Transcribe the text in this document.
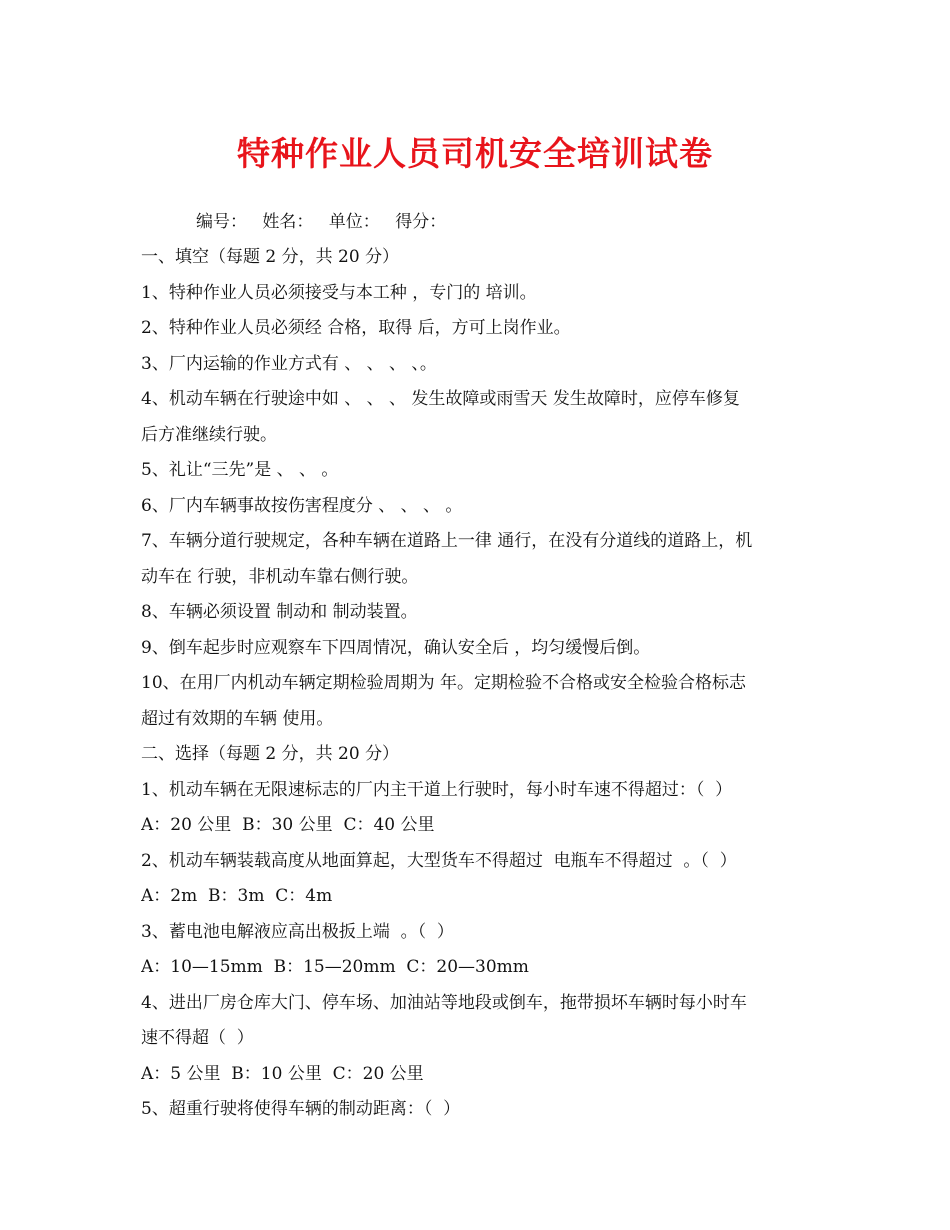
特种作业人员司机安全培训试卷
编号： 姓名： 单位： 得分：
一、填空（每题 2 分，共 20 分）
1、特种作业人员必须接受与本工种 ，专门的 培训。
2、特种作业人员必须经 合格，取得 后，方可上岗作业。
3、厂内运输的作业方式有 、 、 、 、。
4、机动车辆在行驶途中如 、 、 、 发生故障或雨雪天 发生故障时，应停车修复
后方准继续行驶。
5、礼让“三先”是 、 、 。
6、厂内车辆事故按伤害程度分 、 、 、 。
7、车辆分道行驶规定，各种车辆在道路上一律 通行，在没有分道线的道路上，机
动车在 行驶，非机动车靠右侧行驶。
8、车辆必须设置 制动和 制动装置。
9、倒车起步时应观察车下四周情况，确认安全后 ，均匀缓慢后倒。
10、在用厂内机动车辆定期检验周期为 年。定期检验不合格或安全检验合格标志
超过有效期的车辆 使用。
二、选择（每题 2 分，共 20 分）
1、机动车辆在无限速标志的厂内主干道上行驶时，每小时车速不得超过：（  ）
A：20 公里  B：30 公里  C：40 公里
2、机动车辆装载高度从地面算起，大型货车不得超过  电瓶车不得超过  。（  ）
A：2m  B：3m  C：4m
3、蓄电池电解液应高出极扳上端  。（  ）
A：10—15mm  B：15—20mm  C：20—30mm
4、进出厂房仓库大门、停车场、加油站等地段或倒车，拖带损坏车辆时每小时车
速不得超（  ）
A：5 公里  B：10 公里  C：20 公里
5、超重行驶将使得车辆的制动距离：（  ）
